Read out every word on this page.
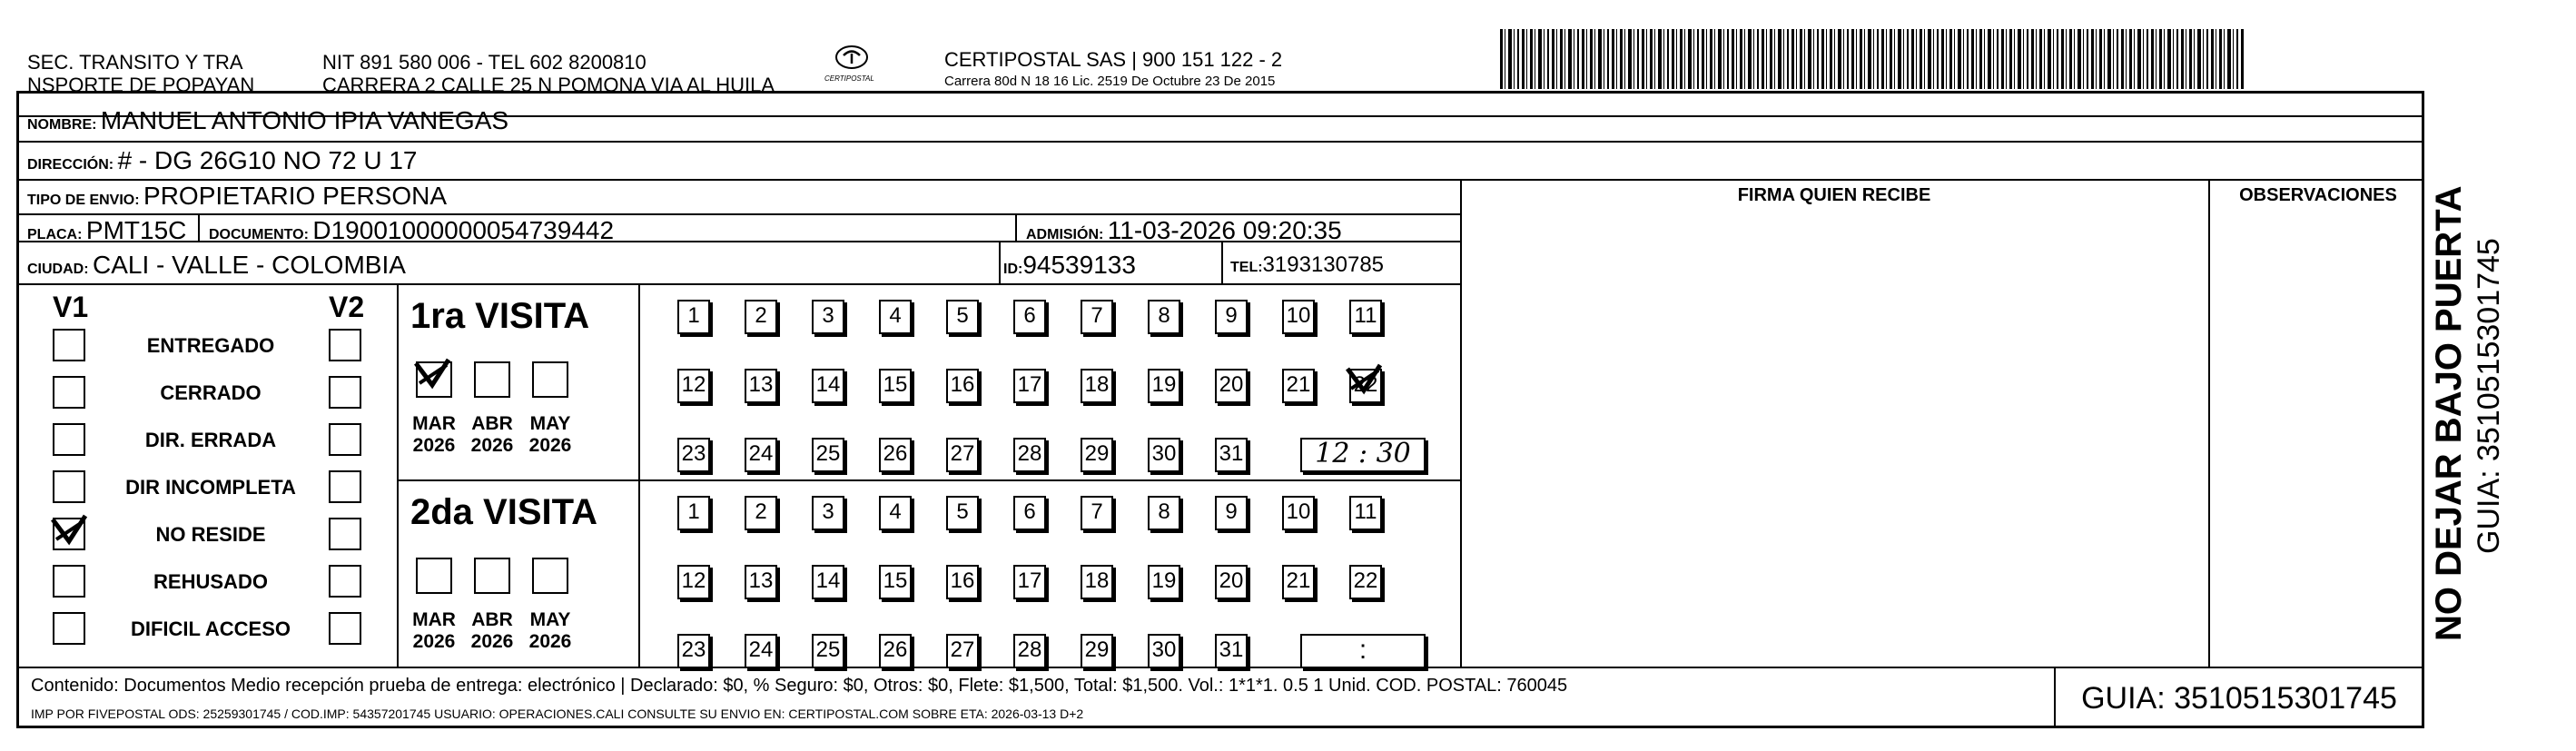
SEC. TRANSITO Y TRA
NSPORTE DE POPAYAN
NIT 891 580 006 - TEL 602 8200810
CARRERA 2 CALLE 25 N POMONA VIA AL HUILA	CERTIPOSTAL
CERTIPOSTAL SAS | 900 151 122 - 2
Carrera 80d N 18 16 Lic. 2519 De Octubre 23 De 2015
NOMBRE: MANUEL ANTONIO IPIA VANEGAS
DIRECCIÓN: # - DG 26G10 NO 72 U 17
TIPO DE ENVIO: PROPIETARIO PERSONA
PLACA: PMT15C DOCUMENTO: D19001000000054739442	ADMISIÓN: 11-03-2026 09:20:35
CIUDAD: CALI - VALLE - COLOMBIA	ID:94539133	TEL:3193130785
FIRMA QUIEN RECIBE	OBSERVACIONES
V1	V2
ENTREGADO
CERRADO
DIR. ERRADA
DIR INCOMPLETA
NO RESIDE
REHUSADO
DIFICIL ACCESO
1ra VISITA
MAR
2026
ABR
2026
MAY
2026
1	2	3	4	5	6	7	8	9	10 11
12 13 14 15 16 17 18 19 20 21 22
23 24 25 26 27 28 29 30 31	12 : 30
2da VISITA
MAR
2026
ABR
2026
MAY
2026
1	2	3	4	5	6	7	8	9	10 11
12 13 14 15 16 17 18 19 20 21 22
23 24 25 26 27 28 29 30 31	:
Contenido: Documentos Medio recepción prueba de entrega: electrónico | Declarado: $0, % Seguro: $0, Otros: $0, Flete: $1,500, Total: $1,500. Vol.: 1*1*1. 0.5 1 Unid. COD. POSTAL: 760045
IMP POR FIVEPOSTAL ODS: 25259301745 / COD.IMP: 54357201745 USUARIO: OPERACIONES.CALI CONSULTE SU ENVIO EN: CERTIPOSTAL.COM SOBRE ETA: 2026-03-13 D+2	GUIA: 3510515301745
NO DEJAR BAJO PUERTA GUIA: 3510515301745
